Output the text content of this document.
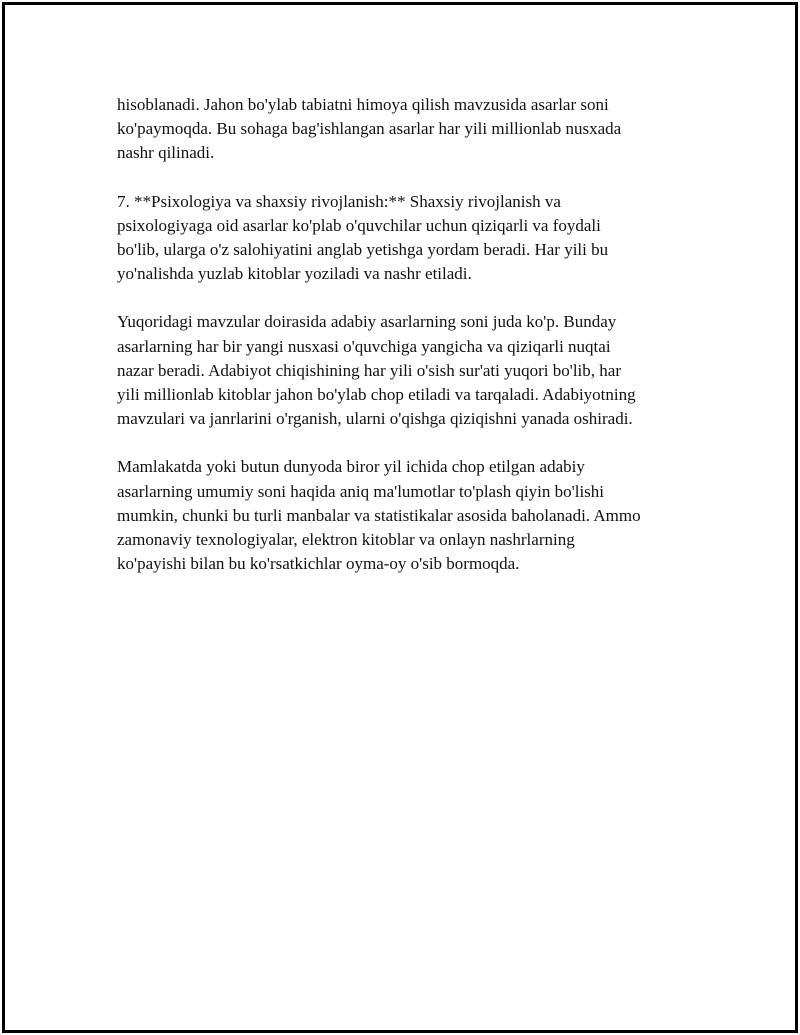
hisoblanadi. Jahon bo'ylab tabiatni himoya qilish mavzusida asarlar soni
ko'paymoqda. Bu sohaga bag'ishlangan asarlar har yili millionlab nusxada
nashr qilinadi.

7. **Psixologiya va shaxsiy rivojlanish:** Shaxsiy rivojlanish va
psixologiyaga oid asarlar ko'plab o'quvchilar uchun qiziqarli va foydali
bo'lib, ularga o'z salohiyatini anglab yetishga yordam beradi. Har yili bu
yo'nalishda yuzlab kitoblar yoziladi va nashr etiladi.

Yuqoridagi mavzular doirasida adabiy asarlarning soni juda ko'p. Bunday
asarlarning har bir yangi nusxasi o'quvchiga yangicha va qiziqarli nuqtai
nazar beradi. Adabiyot chiqishining har yili o'sish sur'ati yuqori bo'lib, har
yili millionlab kitoblar jahon bo'ylab chop etiladi va tarqaladi. Adabiyotning
mavzulari va janrlarini o'rganish, ularni o'qishga qiziqishni yanada oshiradi.

Mamlakatda yoki butun dunyoda biror yil ichida chop etilgan adabiy
asarlarning umumiy soni haqida aniq ma'lumotlar to'plash qiyin bo'lishi
mumkin, chunki bu turli manbalar va statistikalar asosida baholanadi. Ammo
zamonaviy texnologiyalar, elektron kitoblar va onlayn nashrlarning
ko'payishi bilan bu ko'rsatkichlar oyma-oy o'sib bormoqda.
